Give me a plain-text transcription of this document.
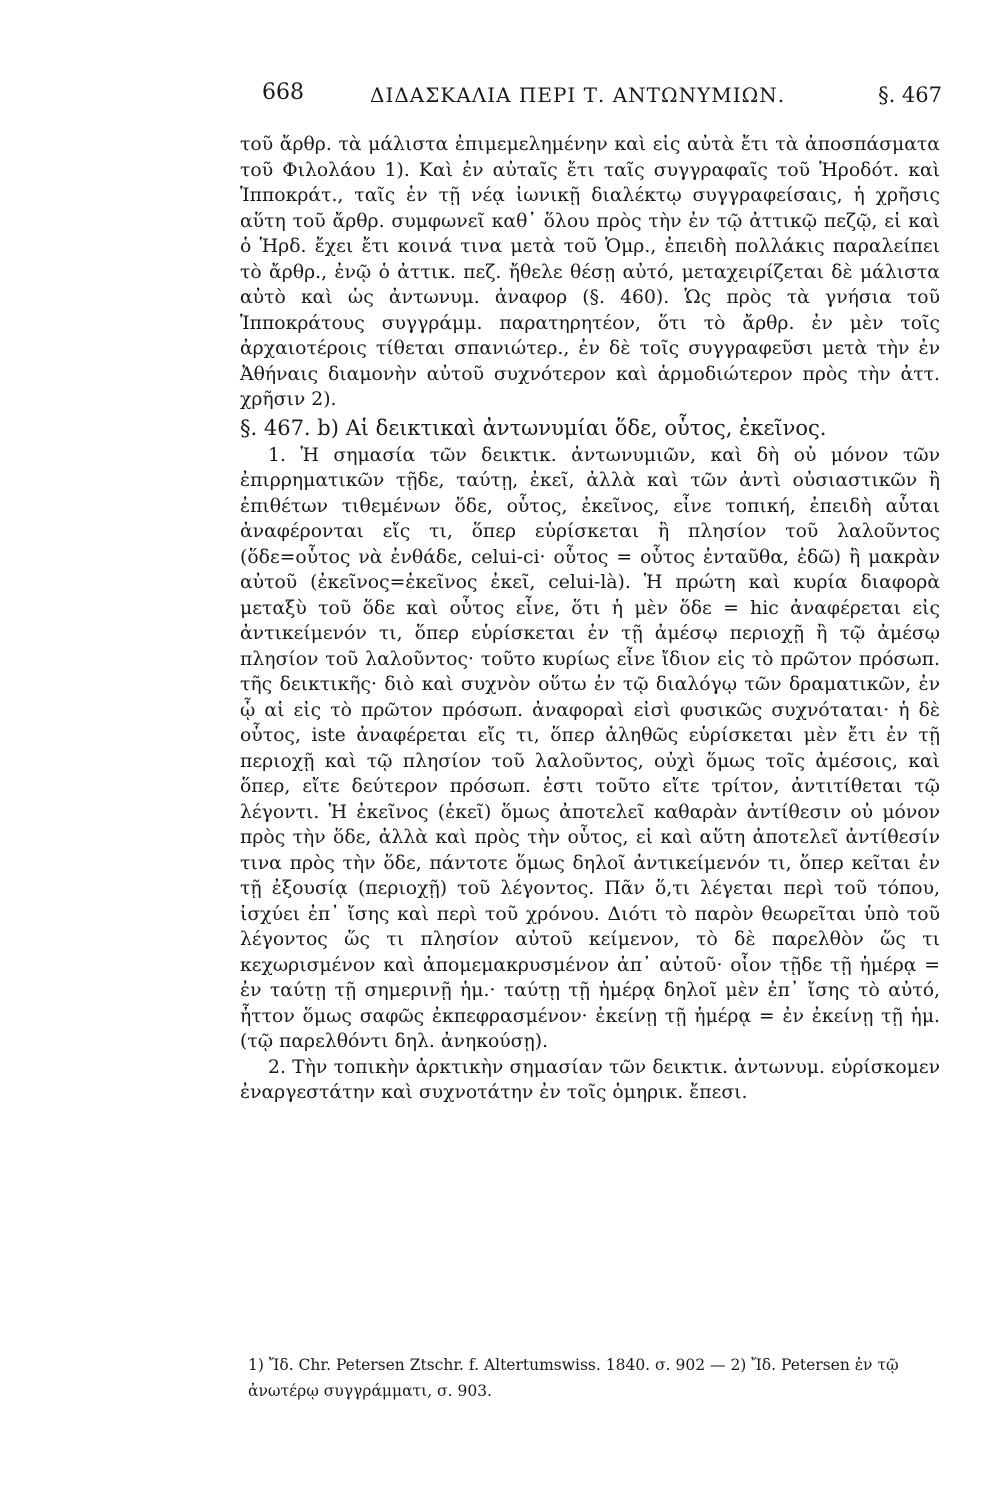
668	ΔΙΔΑΣΚΑΛΙΑ ΠΕΡΙ Τ. ΑΝΤΩΝΥΜΙΩΝ.	§. 467

τοῦ ἄρθρ. τὰ μάλιστα ἐπιμεμελημένην καὶ εἰς αὐτὰ ἔτι τὰ ἀποσπάσματα τοῦ Φιλολάου 1). Καὶ ἐν αὐταῖς ἔτι ταῖς συγγραφαῖς τοῦ Ἡροδότ. καὶ Ἱπποκράτ., ταῖς ἐν τῇ νέᾳ ἰωνικῇ διαλέκτῳ συγγραφείσαις, ἡ χρῆσις αὕτη τοῦ ἄρθρ. συμφωνεῖ καθ᾿ ὅλου πρὸς τὴν ἐν τῷ ἀττικῷ πεζῷ, εἰ καὶ ὁ Ἡρδ. ἔχει ἔτι κοινά τινα μετὰ τοῦ Ὁμρ., ἐπειδὴ πολλάκις παραλείπει τὸ ἄρθρ., ἐνῷ ὁ ἀττικ. πεζ. ἤθελε θέσῃ αὐτό, μεταχειρίζεται δὲ μάλιστα αὐτὸ καὶ ὡς ἀντωνυμ. ἀναφορ (§. 460). Ὡς πρὸς τὰ γνήσια τοῦ Ἱπποκράτους συγγράμμ. παρατηρητέον, ὅτι τὸ ἄρθρ. ἐν μὲν τοῖς ἀρχαιοτέροις τίθεται σπανιώτερ., ἐν δὲ τοῖς συγγραφεῦσι μετὰ τὴν ἐν Ἀθήναις διαμονὴν αὐτοῦ συχνότερον καὶ ἁρμοδιώτερον πρὸς τὴν ἀττ. χρῆσιν 2).

§. 467. b) Αἱ δεικτικαὶ ἀντωνυμίαι ὅδε, οὗτος, ἐκεῖνος.

1. Ἡ σημασία τῶν δεικτικ. ἀντωνυμιῶν, καὶ δὴ οὐ μόνον τῶν ἐπιρρηματικῶν τῇδε, ταύτῃ, ἐκεῖ, ἀλλὰ καὶ τῶν ἀντὶ οὐσιαστικῶν ἢ ἐπιθέτων τιθεμένων ὅδε, οὗτος, ἐκεῖνος, εἶνε τοπική, ἐπειδὴ αὗται ἀναφέρονται εἴς τι, ὅπερ εὑρίσκεται ἢ πλησίον τοῦ λαλοῦντος (ὅδε=οὗτος νὰ ἐνθάδε, celui-ci· οὗτος = οὗτος ἐνταῦθα, ἐδῶ) ἢ μακρὰν αὐτοῦ (ἐκεῖνος=ἐκεῖνος ἐκεῖ, celui-là). Ἡ πρώτη καὶ κυρία διαφορὰ μεταξὺ τοῦ ὅδε καὶ οὗτος εἶνε, ὅτι ἡ μὲν ὅδε = hic ἀναφέρεται εἰς ἀντικείμενόν τι, ὅπερ εὑρίσκεται ἐν τῇ ἀμέσῳ περιοχῇ ἢ τῷ ἀμέσῳ πλησίον τοῦ λαλοῦντος· τοῦτο κυρίως εἶνε ἴδιον εἰς τὸ πρῶτον πρόσωπ. τῆς δεικτικῆς· διὸ καὶ συχνὸν οὕτω ἐν τῷ διαλόγῳ τῶν δραματικῶν, ἐν ᾧ αἱ εἰς τὸ πρῶτον πρόσωπ. ἀναφοραὶ εἰσὶ φυσικῶς συχνόταται· ἡ δὲ οὗτος, iste ἀναφέρεται εἴς τι, ὅπερ ἀληθῶς εὑρίσκεται μὲν ἔτι ἐν τῇ περιοχῇ καὶ τῷ πλησίον τοῦ λαλοῦντος, οὐχὶ ὅμως τοῖς ἀμέσοις, καὶ ὅπερ, εἴτε δεύτερον πρόσωπ. ἐστι τοῦτο εἴτε τρίτον, ἀντιτίθεται τῷ λέγοντι. Ἡ ἐκεῖνος (ἐκεῖ) ὅμως ἀποτελεῖ καθαρὰν ἀντίθεσιν οὐ μόνον πρὸς τὴν ὅδε, ἀλλὰ καὶ πρὸς τὴν οὗτος, εἰ καὶ αὕτη ἀποτελεῖ ἀντίθεσίν τινα πρὸς τὴν ὅδε, πάντοτε ὅμως δηλοῖ ἀντικείμενόν τι, ὅπερ κεῖται ἐν τῇ ἐξουσίᾳ (περιοχῇ) τοῦ λέγοντος. Πᾶν ὅ,τι λέγεται περὶ τοῦ τόπου, ἰσχύει ἐπ᾿ ἴσης καὶ περὶ τοῦ χρόνου. Διότι τὸ παρὸν θεωρεῖται ὑπὸ τοῦ λέγοντος ὥς τι πλησίον αὐτοῦ κείμενον, τὸ δὲ παρελθὸν ὥς τι κεχωρισμένον καὶ ἀπομεμακρυσμένον ἀπ᾿ αὐτοῦ· οἷον τῇδε τῇ ἡμέρᾳ = ἐν ταύτῃ τῇ σημερινῇ ἡμ.· ταύτῃ τῇ ἡμέρᾳ δηλοῖ μὲν ἐπ᾿ ἴσης τὸ αὐτό, ἧττον ὅμως σαφῶς ἐκπεφρασμένον· ἐκείνῃ τῇ ἡμέρᾳ = ἐν ἐκείνῃ τῇ ἡμ. (τῷ παρελθόντι δηλ. ἀνηκούσῃ).

2. Τὴν τοπικὴν ἀρκτικὴν σημασίαν τῶν δεικτικ. ἀντωνυμ. εὑρίσκομεν ἐναργεστάτην καὶ συχνοτάτην ἐν τοῖς ὁμηρικ. ἔπεσι.

1) Ἴδ. Chr. Petersen Ztschr. f. Altertumswiss. 1840. σ. 902 — 2) Ἴδ. Petersen ἐν τῷ ἀνωτέρῳ συγγράμματι, σ. 903.
